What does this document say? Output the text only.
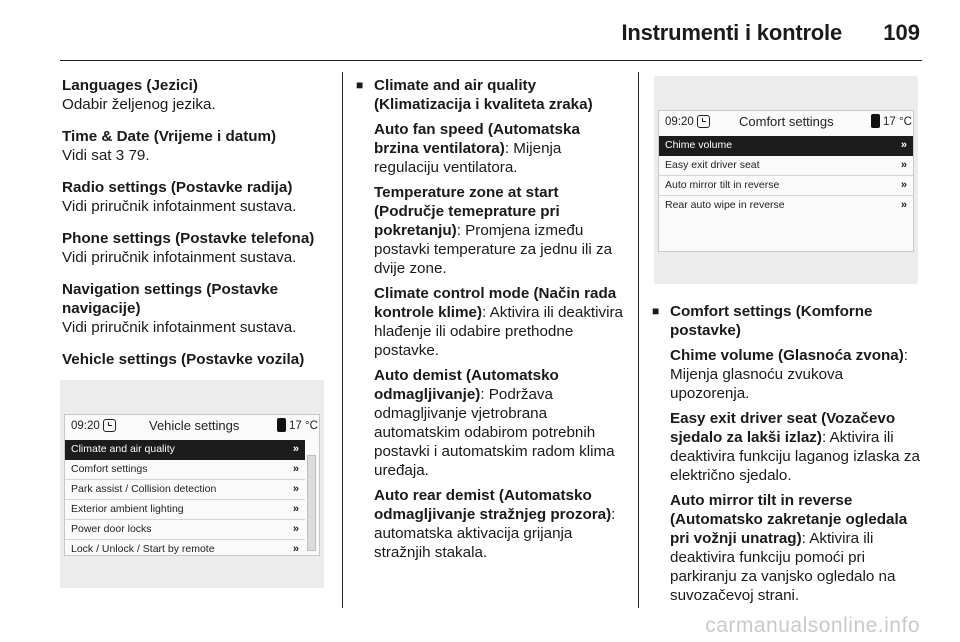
Instrumenti i kontrole 109
Languages (Jezici)
Odabir željenog jezika.
Time & Date (Vrijeme i datum)
Vidi sat 3 79.
Radio settings (Postavke radija)
Vidi priručnik infotainment sustava.
Phone settings (Postavke telefona)
Vidi priručnik infotainment sustava.
Navigation settings (Postavke navigacije)
Vidi priručnik infotainment sustava.
Vehicle settings (Postavke vozila)
09:20	Vehicle settings	17 °C
Climate and air quality	»
Comfort settings	»
Park assist / Collision detection	»
Exterior ambient lighting	»
Power door locks	»
Lock / Unlock / Start by remote	»
■ Climate and air quality (Klimatizacija i kvaliteta zraka)
Auto fan speed (Automatska brzina ventilatora): Mijenja regulaciju ventilatora.
Temperature zone at start (Područje temeprature pri pokretanju): Promjena između postavki temperature za jednu ili za dvije zone.
Climate control mode (Način rada kontrole klime): Aktivira ili deaktivira hlađenje ili odabire prethodne postavke.
Auto demist (Automatsko odmagljivanje): Podržava odmagljivanje vjetrobrana automatskim odabirom potrebnih postavki i automatskim radom klima uređaja.
Auto rear demist (Automatsko odmagljivanje stražnjeg prozora): automatska aktivacija grijanja stražnjih stakala.
09:20	Comfort settings	17 °C
Chime volume	»
Easy exit driver seat	»
Auto mirror tilt in reverse	»
Rear auto wipe in reverse	»
■ Comfort settings (Komforne postavke)
Chime volume (Glasnoća zvona): Mijenja glasnoću zvukova upozorenja.
Easy exit driver seat (Vozačevo sjedalo za lakši izlaz): Aktivira ili deaktivira funkciju laganog izlaska za električno sjedalo.
Auto mirror tilt in reverse (Automatsko zakretanje ogledala pri vožnji unatrag): Aktivira ili deaktivira funkciju pomoći pri parkiranju za vanjsko ogledalo na suvozačevoj strani.
carmanualsonline.info
